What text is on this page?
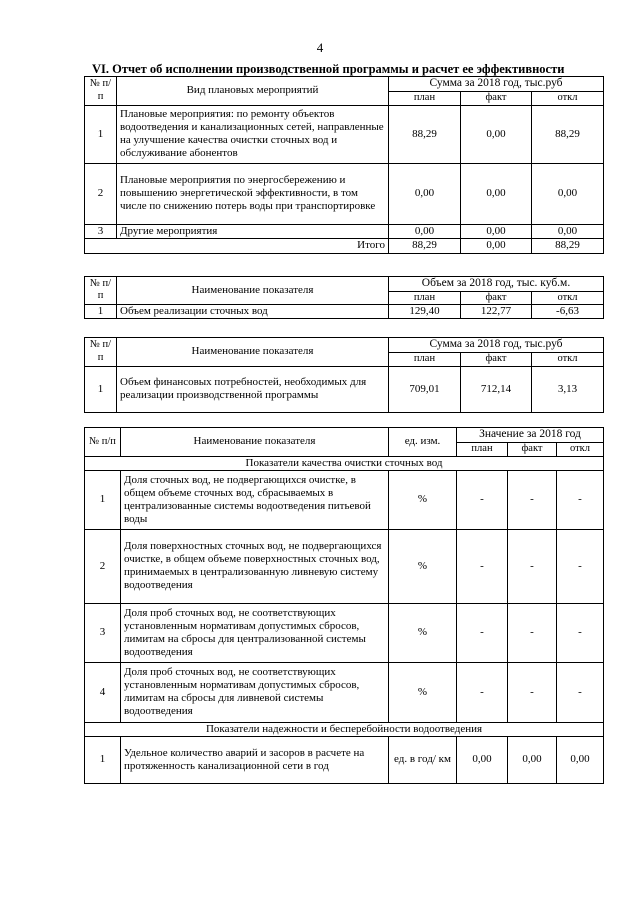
4
VI. Отчет об исполнении производственной программы и расчет ее эффективности
№ п/п	Вид плановых мероприятий	Сумма за 2018 год, тыс.руб		
		план	факт	откл
1	Плановые мероприятия: по ремонту объектов водоотведения и канализационных сетей, направленные на улучшение качества очистки сточных вод и обслуживание абонентов	88,29	0,00	88,29
2	Плановые мероприятия по энергосбережению и повышению энергетической эффективности, в том числе по снижению потерь воды при транспортировке	0,00	0,00	0,00
3	Другие мероприятия	0,00	0,00	0,00
Итого		88,29	0,00	88,29
№ п/п	Наименование показателя	Объем за 2018 год, тыс. куб.м.		
		план	факт	откл
1	Объем реализации сточных вод	129,40	122,77	-6,63
№ п/п	Наименование показателя	Сумма за 2018 год, тыс.руб		
		план	факт	откл
1	Объем финансовых потребностей, необходимых для реализации производственной программы	709,01	712,14	3,13
№ п/п	Наименование показателя	ед. изм.	Значение за 2018 год		
			план	факт	откл
Показатели качества очистки сточных вод					
1	Доля сточных вод, не подвергающихся очистке, в общем объеме сточных вод, сбрасываемых в централизованные системы водоотведения питьевой воды	%	-	-	-
2	Доля поверхностных сточных вод, не подвергающихся очистке, в общем объеме поверхностных сточных вод, принимаемых в централизованную ливневую систему водоотведения	%	-	-	-
3	Доля проб сточных вод, не соответствующих установленным нормативам допустимых сбросов, лимитам на сбросы для централизованной системы водоотведения	%	-	-	-
4	Доля проб сточных вод, не соответствующих установленным нормативам допустимых сбросов, лимитам на сбросы для ливневой системы водоотведения	%	-	-	-
Показатели надежности и бесперебойности водоотведения					
1	Удельное количество аварий и засоров в расчете на протяженность канализационной сети в год	ед. в год/ км	0,00	0,00	0,00
